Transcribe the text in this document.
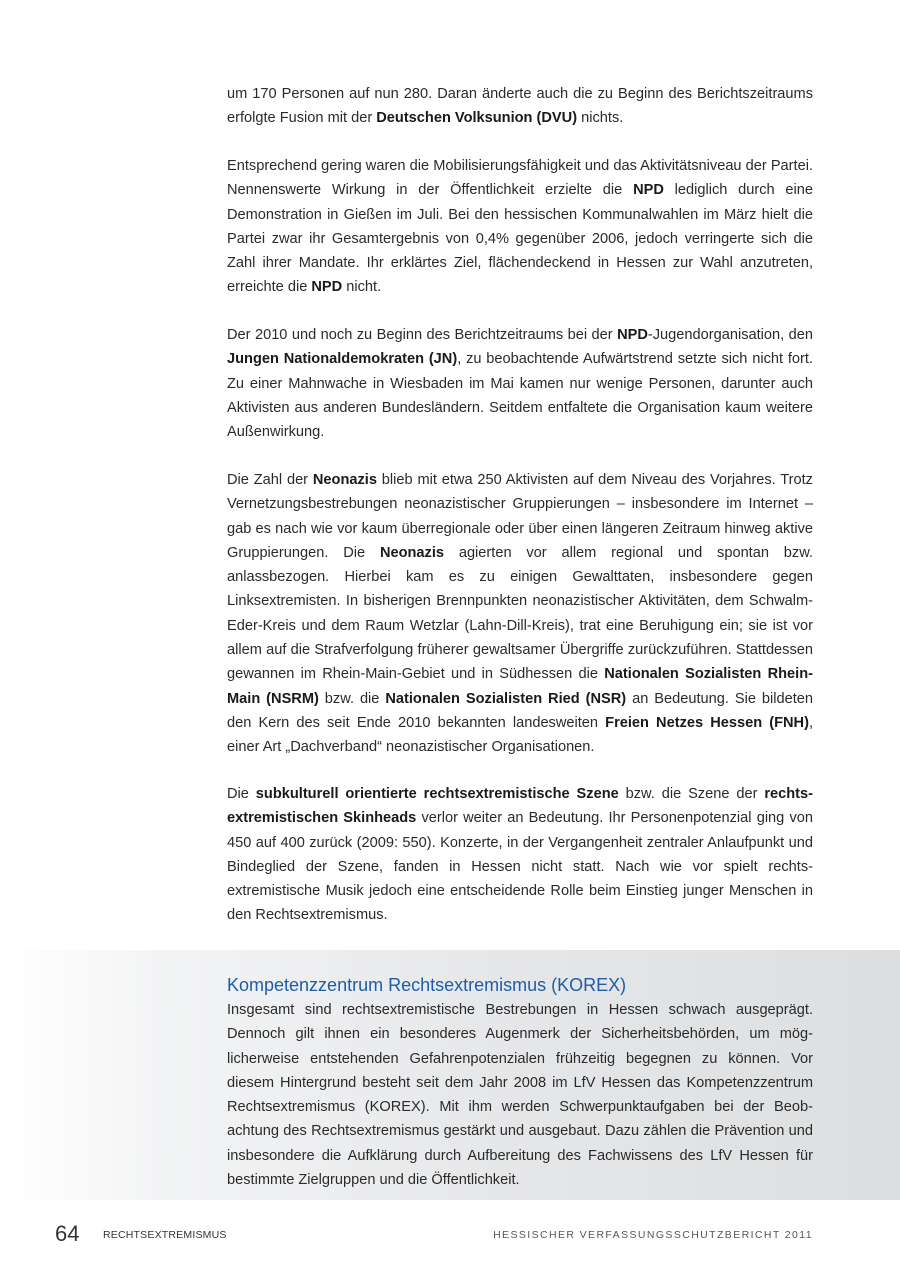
um 170 Personen auf nun 280. Daran änderte auch die zu Beginn des Berichtszeitraums erfolgte Fusion mit der Deutschen Volksunion (DVU) nichts.

Entsprechend gering waren die Mobilisierungsfähigkeit und das Aktivitätsniveau der Partei. Nennenswerte Wirkung in der Öffentlichkeit erzielte die NPD lediglich durch eine Demonstration in Gießen im Juli. Bei den hessischen Kommunalwahlen im März hielt die Partei zwar ihr Gesamtergebnis von 0,4% gegenüber 2006, jedoch verringerte sich die Zahl ihrer Mandate. Ihr erklärtes Ziel, flächendeckend in Hessen zur Wahl anzutreten, erreichte die NPD nicht.

Der 2010 und noch zu Beginn des Berichtzeitraums bei der NPD-Jugendorganisation, den Jungen Nationaldemokraten (JN), zu beobachtende Aufwärtstrend setzte sich nicht fort. Zu einer Mahnwache in Wiesbaden im Mai kamen nur wenige Personen, darunter auch Aktivisten aus anderen Bundesländern. Seitdem entfaltete die Organisation kaum weitere Außenwirkung.

Die Zahl der Neonazis blieb mit etwa 250 Aktivisten auf dem Niveau des Vorjahres. Trotz Vernetzungsbestrebungen neonazistischer Gruppierungen – insbesondere im Internet – gab es nach wie vor kaum überregionale oder über einen längeren Zeitraum hinweg aktive Gruppierungen. Die Neonazis agierten vor allem regional und spontan bzw. anlassbezogen. Hierbei kam es zu einigen Gewalttaten, insbesondere gegen Linksextremisten. In bisherigen Brennpunkten neonazistischer Aktivitäten, dem Schwalm-Eder-Kreis und dem Raum Wetzlar (Lahn-Dill-Kreis), trat eine Beruhigung ein; sie ist vor allem auf die Strafverfolgung früherer gewaltsamer Übergriffe zurückzuführen. Stattdessen gewannen im Rhein-Main-Gebiet und in Südhessen die Nationalen Sozialisten Rhein-Main (NSRM) bzw. die Nationalen Sozialisten Ried (NSR) an Bedeutung. Sie bildeten den Kern des seit Ende 2010 bekannten landesweiten Freien Netzes Hessen (FNH), einer Art „Dachverband“ neonazistischer Organisationen.

Die subkulturell orientierte rechtsextremistische Szene bzw. die Szene der rechtsextremistischen Skinheads verlor weiter an Bedeutung. Ihr Personenpotenzial ging von 450 auf 400 zurück (2009: 550). Konzerte, in der Vergangenheit zentraler Anlaufpunkt und Bindeglied der Szene, fanden in Hessen nicht statt. Nach wie vor spielt rechtsextremistische Musik jedoch eine entscheidende Rolle beim Einstieg junger Menschen in den Rechtsextremismus.

Kompetenzzentrum Rechtsextremismus (KOREX)

Insgesamt sind rechtsextremistische Bestrebungen in Hessen schwach ausgeprägt. Dennoch gilt ihnen ein besonderes Augenmerk der Sicherheitsbehörden, um möglicherweise entstehenden Gefahrenpotenzialen frühzeitig begegnen zu können. Vor diesem Hintergrund besteht seit dem Jahr 2008 im LfV Hessen das Kompetenzzentrum Rechtsextremismus (KOREX). Mit ihm werden Schwerpunktaufgaben bei der Beobachtung des Rechtsextremismus gestärkt und ausgebaut. Dazu zählen die Prävention und insbesondere die Aufklärung durch Aufbereitung des Fachwissens des LfV Hessen für bestimmte Zielgruppen und die Öffentlichkeit.

64 RECHTSEXTREMISMUS	HESSISCHER VERFASSUNGSSCHUTZBERICHT 2011
